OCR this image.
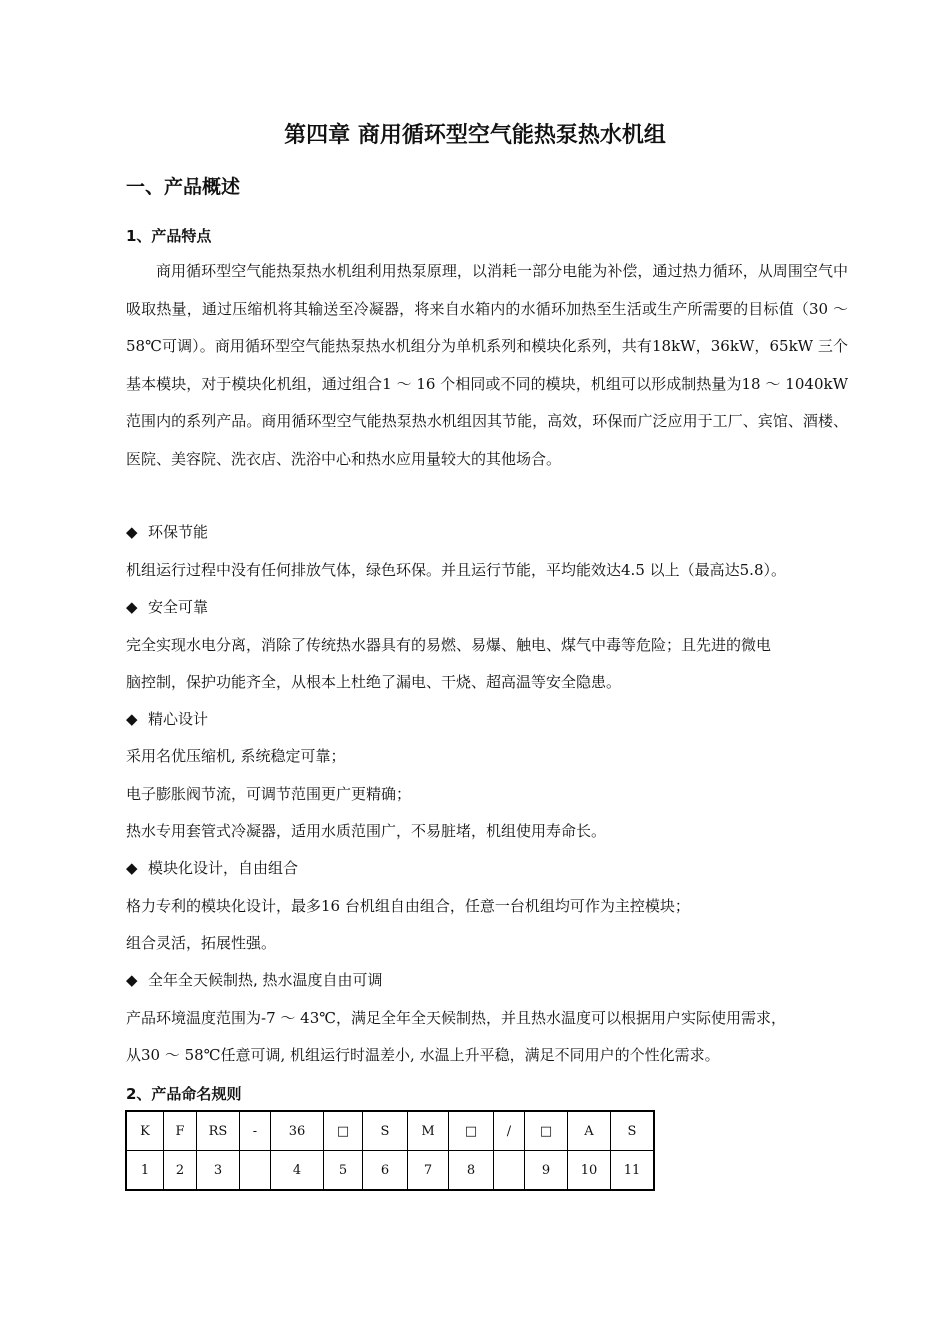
第四章 商用循环型空气能热泵热水机组
一、产品概述
1、产品特点
商用循环型空气能热泵热水机组利用热泵原理，以消耗一部分电能为补偿，通过热力循环，从周围空气中吸取热量，通过压缩机将其输送至冷凝器，将来自水箱内的水循环加热至生活或生产所需要的目标值（30 ～ 58℃可调）。商用循环型空气能热泵热水机组分为单机系列和模块化系列，共有18kW，36kW，65kW 三个基本模块，对于模块化机组，通过组合1 ～ 16 个相同或不同的模块，机组可以形成制热量为18 ～ 1040kW 范围内的系列产品。商用循环型空气能热泵热水机组因其节能，高效，环保而广泛应用于工厂、宾馆、酒楼、医院、美容院、洗衣店、洗浴中心和热水应用量较大的其他场合。
◆ 环保节能
机组运行过程中没有任何排放气体，绿色环保。并且运行节能，平均能效达4.5 以上（最高达5.8）。
◆ 安全可靠
完全实现水电分离，消除了传统热水器具有的易燃、易爆、触电、煤气中毒等危险；且先进的微电
脑控制，保护功能齐全，从根本上杜绝了漏电、干烧、超高温等安全隐患。
◆ 精心设计
采用名优压缩机, 系统稳定可靠；
电子膨胀阀节流，可调节范围更广更精确；
热水专用套管式冷凝器，适用水质范围广，不易脏堵，机组使用寿命长。
◆ 模块化设计，自由组合
格力专利的模块化设计，最多16 台机组自由组合，任意一台机组均可作为主控模块；
组合灵活，拓展性强。
◆ 全年全天候制热, 热水温度自由可调
产品环境温度范围为-7 ～ 43℃，满足全年全天候制热，并且热水温度可以根据用户实际使用需求，
从30 ～ 58℃任意可调, 机组运行时温差小, 水温上升平稳，满足不同用户的个性化需求。
2、产品命名规则
K	F	RS	-	36	□	S	M	□	/	□	A	S
1	2	3		4	5	6	7	8		9	10	11
